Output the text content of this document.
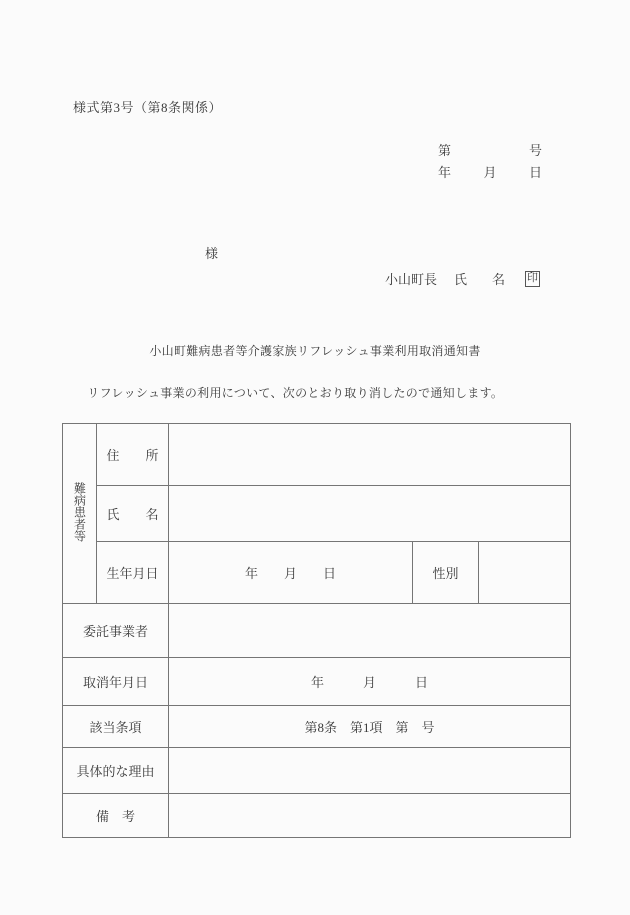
様式第3号（第8条関係）
第	号
年 月 日
様
小山町長 氏 名 印
小山町難病患者等介護家族リフレッシュ事業利用取消通知書
　リフレッシュ事業の利用について、次のとおり取り消したので通知します。
難病患者等	住　　所			
	氏　　名			
	生年月日	年　　月　　日	性別	
委託事業者				
取消年月日		年　　　月　　　日		
該当条項		第8条　第1項　第　号		
具体的な理由				
備　考				
